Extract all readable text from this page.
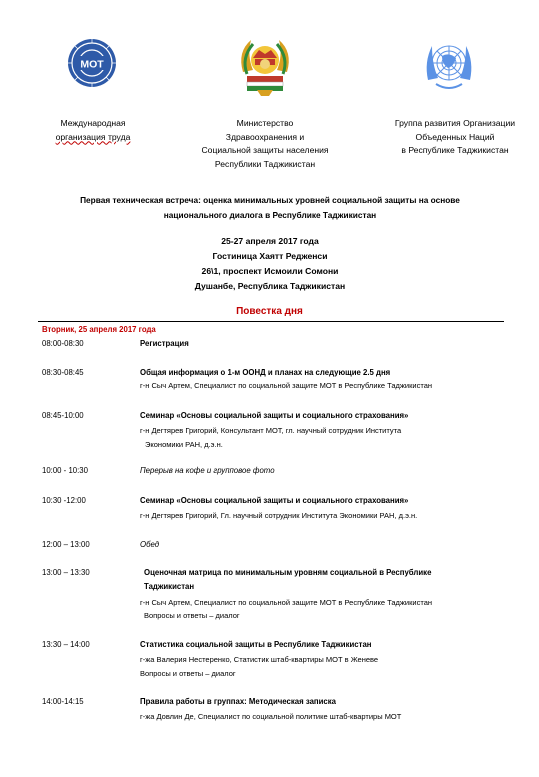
МОТ
Международная
организация труда
Министерство
Здравоохранения и
Социальной защиты населения
Республики Таджикистан
Группа развития Организации
Объеденных Наций
в Республике Таджикистан
Первая техническая встреча: оценка минимальных уровней социальной защиты на основе
национального диалога в Республике Таджикистан
25-27 апреля 2017 года
Гостиница Хаятт Редженси
26\1, проспект Исмоили Сомони
Душанбе, Республика Таджикистан
Повестка дня
Вторник, 25 апреля 2017 года
08:00-08:30	Регистрация
08:30-08:45	Общая информация о 1-м ООНД и планах на следующие 2.5 дня
г-н Сыч Артем, Специалист по социальной защите МОТ в Республике Таджикистан
08:45-10:00	Семинар «Основы социальной защиты и социального страхования»
г-н Дегтярев Григорий, Консультант МОТ, гл. научный сотрудник Института
Экономики РАН, д.э.н.
10:00 - 10:30	Перерыв на кофе и групповое фото
10:30 -12:00	Семинар «Основы социальной защиты и социального страхования»
г-н Дегтярев Григорий, Гл. научный сотрудник Института Экономики РАН, д.э.н.
12:00 – 13:00	Обед
13:00 – 13:30	Оценочная матрица по минимальным уровням социальной в Республике
Таджикистан
г-н Сыч Артем, Специалист по социальной защите МОТ в Республике Таджикистан
Вопросы и ответы – диалог
13:30 – 14:00	Статистика социальной защиты в Республике Таджикистан
г-жа Валерия Нестеренко, Статистик штаб-квартиры МОТ в Женеве
Вопросы и ответы – диалог
14:00-14:15	Правила работы в группах: Методическая записка
г-жа Довлин Де, Специалист по социальной политике штаб-квартиры МОТ
